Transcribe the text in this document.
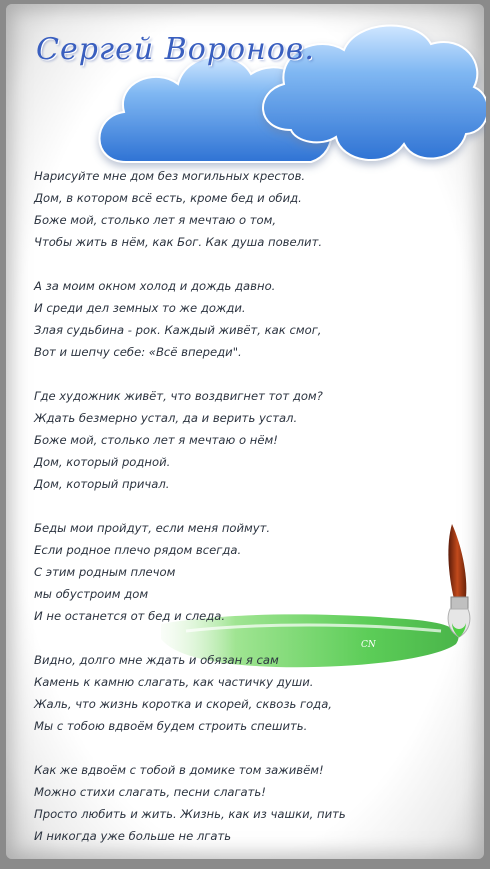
CN
Сергей Воронов.
Нарисуйте мне дом без могильных крестов.
Дом, в котором всё есть, кроме бед и обид.
Боже мой, столько лет я мечтаю о том,
Чтобы жить в нём, как Бог. Как душа повелит.
А за моим окном холод и дождь давно.
И среди дел земных то же дожди.
Злая судьбина - рок. Каждый живёт, как смог,
Вот и шепчу себе: «Всё впереди".
Где художник живёт, что воздвигнет тот дом?
Ждать безмерно устал, да и верить устал.
Боже мой, столько лет я мечтаю о нём!
Дом, который родной.
Дом, который причал.
Беды мои пройдут, если меня поймут.
Если родное плечо рядом всегда.
С этим родным плечом
мы обустроим дом
И не останется от бед и следа.
Видно, долго мне ждать и обязан я сам
Камень к камню слагать, как частичку души.
Жаль, что жизнь коротка и скорей, сквозь года,
Мы с тобою вдвоём будем строить спешить.
Как же вдвоём с тобой в домике том заживём!
Можно стихи слагать, песни слагать!
Просто любить и жить. Жизнь, как из чашки, пить
И никогда уже больше не лгать
